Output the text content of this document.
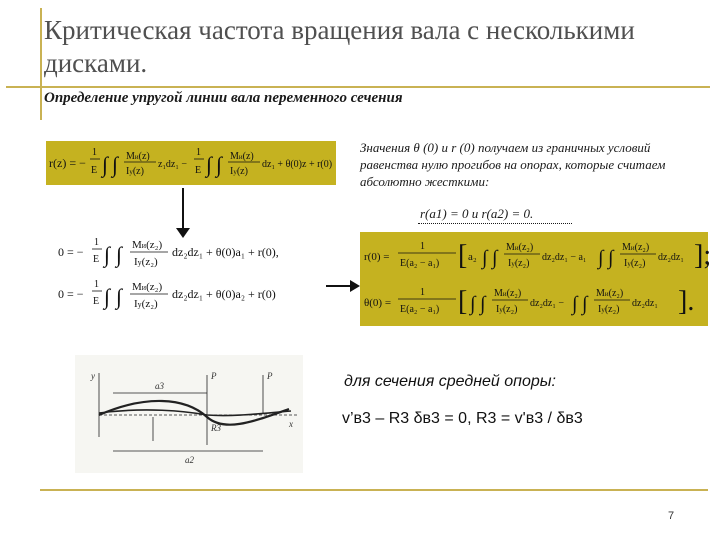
Критическая частота вращения вала с несколькими дисками.
Определение упругой линии вала переменного сечения
r(z) = −
1
E ∫ ∫ Mи(z)
Iy(z)
z₁dz₁ −
1
E ∫ ∫ Mи(z)
Iy(z)
dz₁ + θ(0)z + r(0)
Значения θ (0) и r (0) получаем из граничных условий равенства нулю прогибов на опорах, которые считаем абсолютно жесткими:
r(a1) = 0 и r(a2) = 0.
0 = −
1
E ∫ ∫ Mи(z₂)
Iy(z₂)
dz₂dz₁ + θ(0)a₁ + r(0),
0 = −
1
E ∫ ∫ Mи(z₂)
Iy(z₂)
dz₂dz₁ + θ(0)a₂ + r(0)
r(0) =
1
E(a₂ − a₁) [ a₂ ∫ ∫ Mи(z₂)
Iy(z₂)
dz₂dz₁ − a₁ ∫ ∫ Mи(z₂)
Iy(z₂)
dz₂dz₁ ];
θ(0) =
1
E(a₂ − a₁) [ ∫ ∫ Mи(z₂)
Iy(z₂)
dz₂dz₁ − ∫ ∫ Mи(z₂)
Iy(z₂)
dz₂dz₁ ].
y
a3
P	P
R3
a2
x
для сечения средней опоры:
v’в3 – R3 δв3 = 0, R3 = v'в3 / δв3
7
